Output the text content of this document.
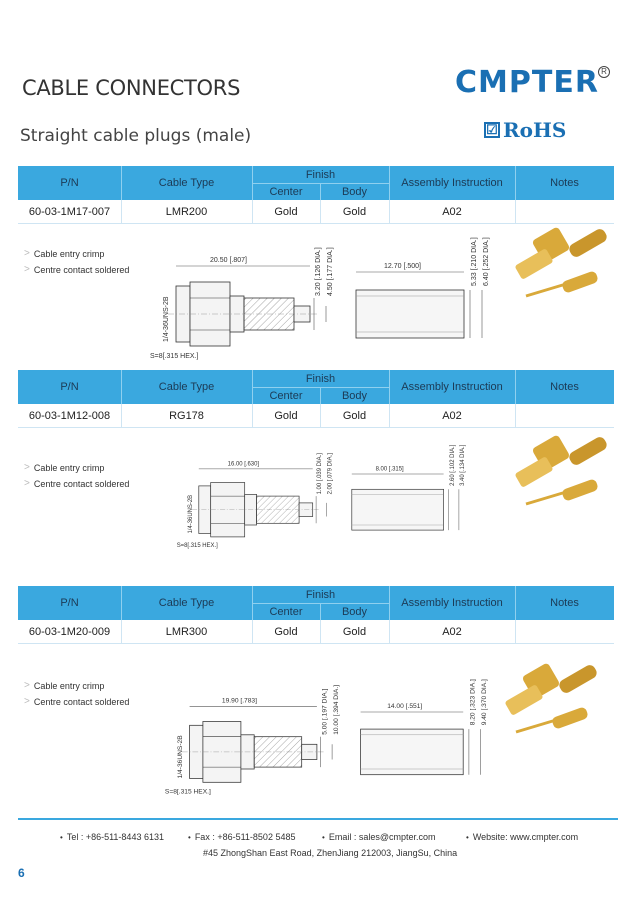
CABLE CONNECTORS
Straight cable plugs (male)
CMPTER R
☑ RoHS
P/N	Cable Type
Finish
Center	Body
Assembly Instruction	Notes
60-03-1M17-007	LMR200	Gold	Gold	A02
> Cable entry crimp
> Centre contact soldered
20.50 [.807]
1/4-36UNS-2B
S=8[.315 HEX.]
3.20 [.126 DIA.] 4.50 [.177 DIA.]	12.70 [.500]	5.33 [.210 DIA.] 6.40 [.252 DIA.]
P/N	Cable Type
Finish
Center	Body
Assembly Instruction	Notes
60-03-1M12-008	RG178	Gold	Gold	A02
> Cable entry crimp
> Centre contact soldered
16.00 [.630]
1/4-36UNS-2B
S=8[.315 HEX.]
1.00 [.039 DIA.] 2.00 [.079 DIA.]	8.00 [.315]	2.60 [.102 DIA.] 3.40 [.134 DIA.]
P/N	Cable Type
Finish
Center	Body
Assembly Instruction	Notes
60-03-1M20-009	LMR300	Gold	Gold	A02
> Cable entry crimp
> Centre contact soldered	19.90 [.783]
1/4-36UNS-2B
S=8[.315 HEX.]
5.00 [.197 DIA.] 10.00 [.394 DIA.]	14.00 [.551]	8.20 [.323 DIA.] 9.40 [.370 DIA.]
• Tel : +86-511-8443 6131	• Fax : +86-511-8502 5485	• Email : sales@cmpter.com	• Website: www.cmpter.com
#45 ZhongShan East Road, ZhenJiang 212003, JiangSu, China
6
